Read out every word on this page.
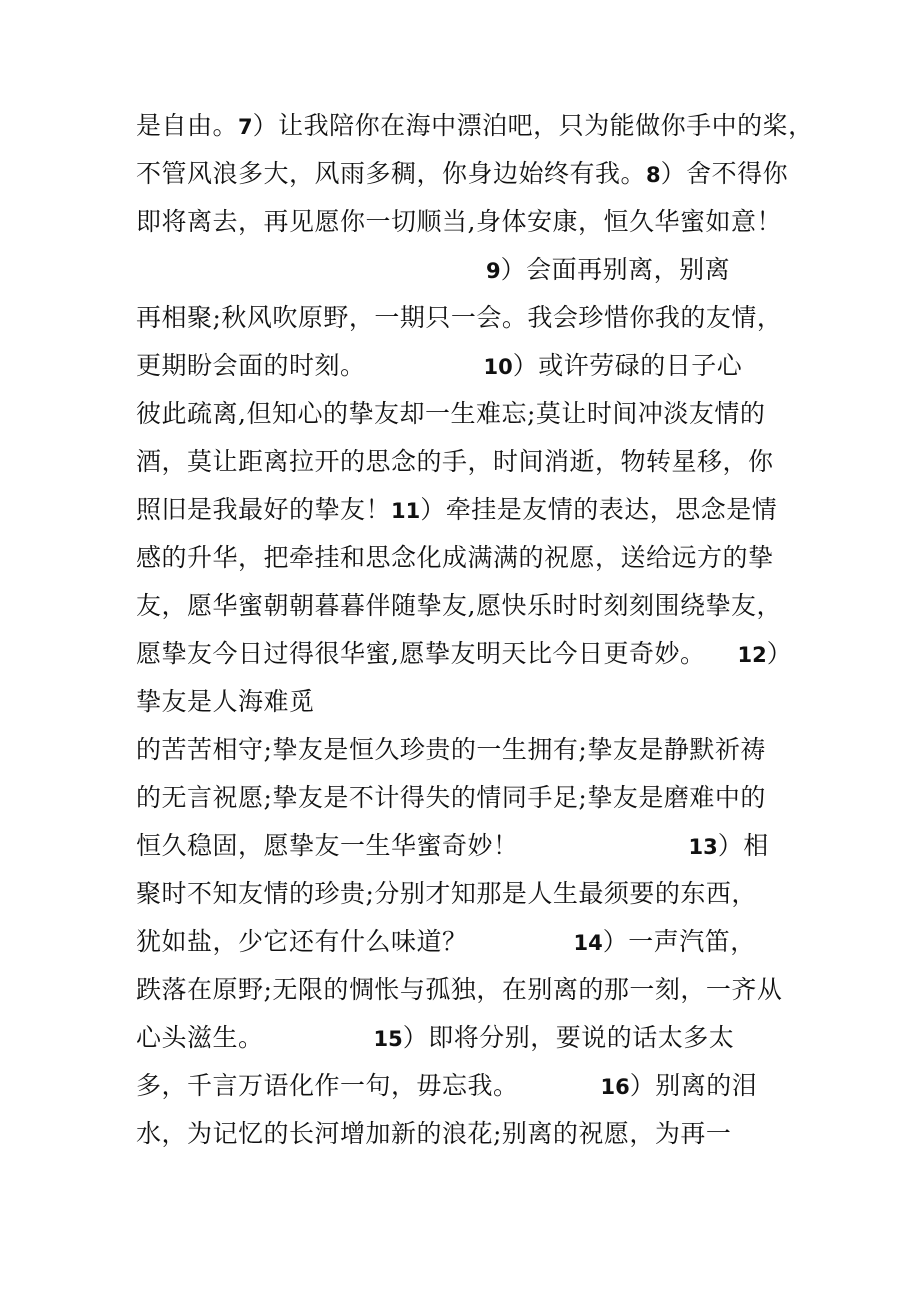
是自由。7）让我陪你在海中漂泊吧，只为能做你手中的桨，
不管风浪多大，风雨多稠，你身边始终有我。8）舍不得你
即将离去，再见愿你一切顺当,身体安康，恒久华蜜如意！
9）会面再别离，别离
再相聚;秋风吹原野，一期只一会。我会珍惜你我的友情，
更期盼会面的时刻。	10）或许劳碌的日子心
彼此疏离,但知心的挚友却一生难忘;莫让时间冲淡友情的
酒，莫让距离拉开的思念的手，时间消逝，物转星移，你
照旧是我最好的挚友！11）牵挂是友情的表达，思念是情
感的升华，把牵挂和思念化成满满的祝愿，送给远方的挚
友，愿华蜜朝朝暮暮伴随挚友,愿快乐时时刻刻围绕挚友，
愿挚友今日过得很华蜜,愿挚友明天比今日更奇妙。 12）
挚友是人海难觅
的苦苦相守;挚友是恒久珍贵的一生拥有;挚友是静默祈祷
的无言祝愿;挚友是不计得失的情同手足;挚友是磨难中的
恒久稳固，愿挚友一生华蜜奇妙！	13）相
聚时不知友情的珍贵;分别才知那是人生最须要的东西，
犹如盐，少它还有什么味道？	14）一声汽笛，
跌落在原野;无限的惆怅与孤独，在别离的那一刻，一齐从
心头滋生。	15）即将分别，要说的话太多太
多，千言万语化作一句，毋忘我。	16）别离的泪
水，为记忆的长河增加新的浪花;别离的祝愿，为再一
